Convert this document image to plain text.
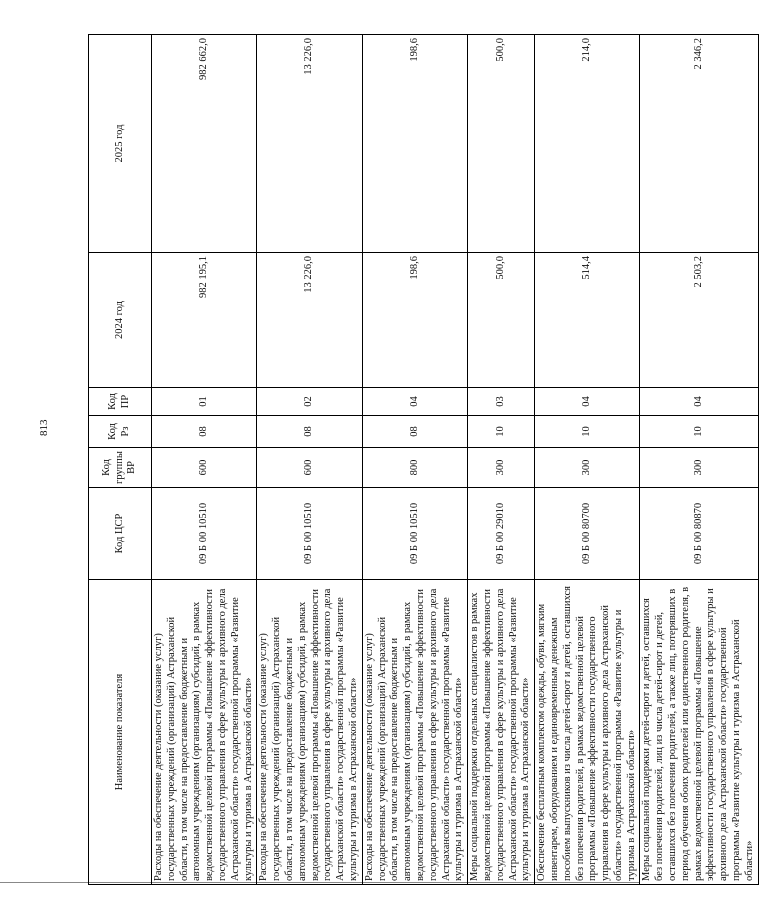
813
Наименование показателя	Код ЦСР	Код группы ВР	Код Рз	Код ПР	2024 год	2025 год
Расходы на обеспечение деятельности (оказание услуг) государственных учреждений (организаций) Астраханской области, в том числе на предоставление бюджетным и автономным учреждениям (организациям) субсидий, в рамках ведомственной целевой программы «Повышение эффективности государственного управления в сфере культуры и архивного дела Астраханской области» государственной программы «Развитие культуры и туризма в Астраханской области»	09 Б 00 10510	600	08	01	982 195,1	982 662,0
Расходы на обеспечение деятельности (оказание услуг) государственных учреждений (организаций) Астраханской области, в том числе на предоставление бюджетным и автономным учреждениям (организациям) субсидий, в рамках ведомственной целевой программы «Повышение эффективности государственного управления в сфере культуры и архивного дела Астраханской области» государственной программы «Развитие культуры и туризма в Астраханской области»	09 Б 00 10510	600	08	02	13 226,0	13 226,0
Расходы на обеспечение деятельности (оказание услуг) государственных учреждений (организаций) Астраханской области, в том числе на предоставление бюджетным и автономным учреждениям (организациям) субсидий, в рамках ведомственной целевой программы «Повышение эффективности государственного управления в сфере культуры и архивного дела Астраханской области» государственной программы «Развитие культуры и туризма в Астраханской области»	09 Б 00 10510	800	08	04	198,6	198,6
Меры социальной поддержки отдельных специалистов в рамках ведомственной целевой программы «Повышение эффективности государственного управления в сфере культуры и архивного дела Астраханской области» государственной программы «Развитие культуры и туризма в Астраханской области»	09 Б 00 29010	300	10	03	500,0	500,0
Обеспечение бесплатным комплектом одежды, обуви, мягким инвентарем, оборудованием и единовременным денежным пособием выпускников из числа детей-сирот и детей, оставшихся без попечения родителей, в рамках ведомственной целевой программы «Повышение эффективности государственного управления в сфере культуры и архивного дела Астраханской области» государственной программы «Развитие культуры и туризма в Астраханской области»	09 Б 00 80700	300	10	04	514,4	214,0
Меры социальной поддержки детей-сирот и детей, оставшихся без попечения родителей, лиц из числа детей-сирот и детей, оставшихся без попечения родителей, а также лиц, потерявших в период обучения обоих родителей или единственного родителя, в рамках ведомственной целевой программы «Повышение эффективности государственного управления в сфере культуры и архивного дела Астраханской области» государственной программы «Развитие культуры и туризма в Астраханской области»	09 Б 00 80870	300	10	04	2 503,2	2 346,2
